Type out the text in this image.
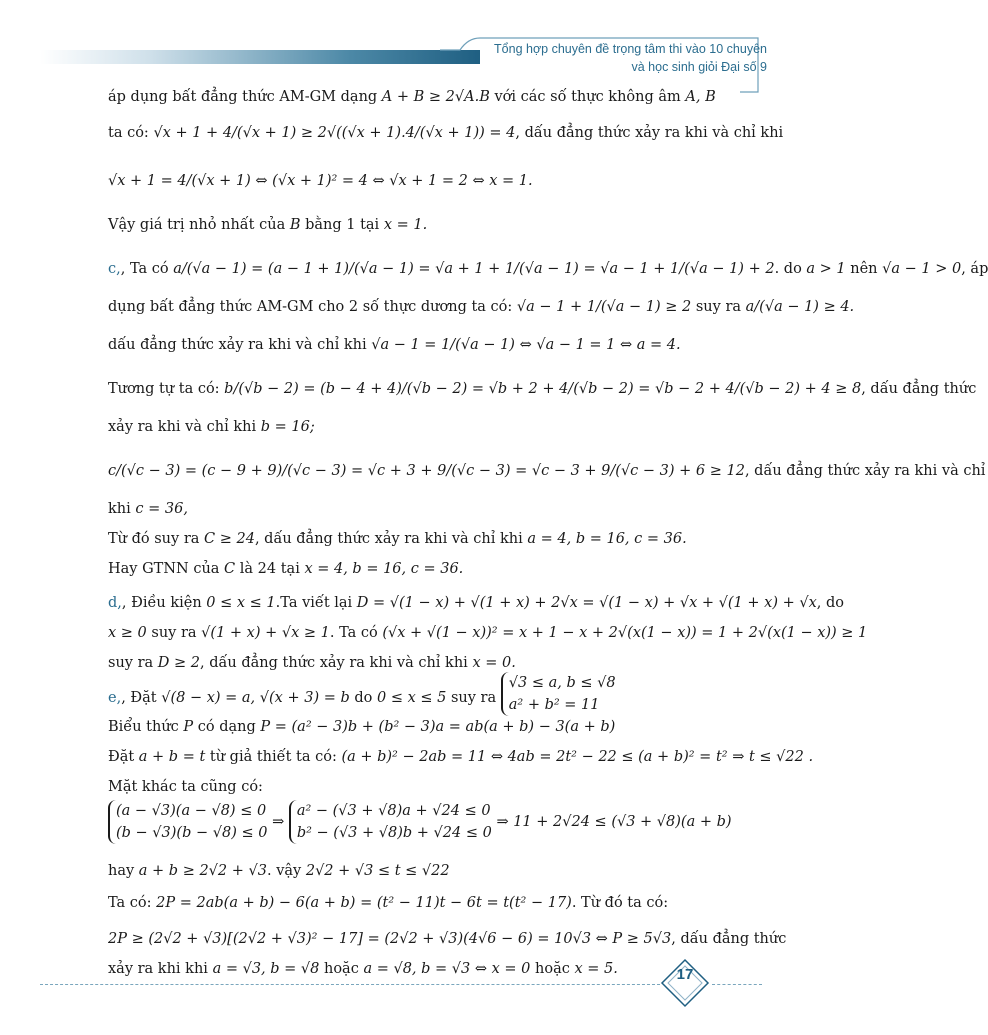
Tổng hợp chuyên đề trọng tâm thi vào 10 chuyên
và học sinh giỏi Đại số 9
áp dụng bất đẳng thức AM-GM dạng A + B ≥ 2√A.B với các số thực không âm A, B
ta có: √x + 1 + 4/(√x + 1) ≥ 2√((√x + 1).4/(√x + 1)) = 4, dấu đẳng thức xảy ra khi và chỉ khi
√x + 1 = 4/(√x + 1) ⇔ (√x + 1)² = 4 ⇔ √x + 1 = 2 ⇔ x = 1.
Vậy giá trị nhỏ nhất của B bằng 1 tại x = 1.
c,, Ta có a/(√a − 1) = (a − 1 + 1)/(√a − 1) = √a + 1 + 1/(√a − 1) = √a − 1 + 1/(√a − 1) + 2. do a > 1 nên √a − 1 > 0, áp
dụng bất đẳng thức AM-GM cho 2 số thực dương ta có: √a − 1 + 1/(√a − 1) ≥ 2 suy ra a/(√a − 1) ≥ 4.
dấu đẳng thức xảy ra khi và chỉ khi √a − 1 = 1/(√a − 1) ⇔ √a − 1 = 1 ⇔ a = 4.
Tương tự ta có: b/(√b − 2) = (b − 4 + 4)/(√b − 2) = √b + 2 + 4/(√b − 2) = √b − 2 + 4/(√b − 2) + 4 ≥ 8, dấu đẳng thức
xảy ra khi và chỉ khi b = 16;
c/(√c − 3) = (c − 9 + 9)/(√c − 3) = √c + 3 + 9/(√c − 3) = √c − 3 + 9/(√c − 3) + 6 ≥ 12, dấu đẳng thức xảy ra khi và chỉ
khi c = 36,
Từ đó suy ra C ≥ 24, dấu đẳng thức xảy ra khi và chỉ khi a = 4, b = 16, c = 36.
Hay GTNN của C là 24 tại x = 4, b = 16, c = 36.
d,, Điều kiện 0 ≤ x ≤ 1.Ta viết lại D = √(1 − x) + √(1 + x) + 2√x = √(1 − x) + √x + √(1 + x) + √x, do
x ≥ 0 suy ra √(1 + x) + √x ≥ 1. Ta có (√x + √(1 − x))² = x + 1 − x + 2√(x(1 − x)) = 1 + 2√(x(1 − x)) ≥ 1
suy ra D ≥ 2, dấu đẳng thức xảy ra khi và chỉ khi x = 0.
e,, Đặt √(8 − x) = a, √(x + 3) = b do 0 ≤ x ≤ 5 suy ra
√3 ≤ a, b ≤ √8
a² + b² = 11
Biểu thức P có dạng P = (a² − 3)b + (b² − 3)a = ab(a + b) − 3(a + b)
Đặt a + b = t từ giả thiết ta có: (a + b)² − 2ab = 11 ⇔ 4ab = 2t² − 22 ≤ (a + b)² = t² ⇒ t ≤ √22 .
Mặt khác ta cũng có:
(a − √3)(a − √8) ≤ 0
(b − √3)(b − √8) ≤ 0
⇒
a² − (√3 + √8)a + √24 ≤ 0
b² − (√3 + √8)b + √24 ≤ 0
⇒ 11 + 2√24 ≤ (√3 + √8)(a + b)
hay a + b ≥ 2√2 + √3. vậy 2√2 + √3 ≤ t ≤ √22
Ta có: 2P = 2ab(a + b) − 6(a + b) = (t² − 11)t − 6t = t(t² − 17). Từ đó ta có:
2P ≥ (2√2 + √3)[(2√2 + √3)² − 17] = (2√2 + √3)(4√6 − 6) = 10√3 ⇔ P ≥ 5√3, dấu đẳng thức
xảy ra khi khi a = √3, b = √8 hoặc a = √8, b = √3 ⇔ x = 0 hoặc x = 5.	17
